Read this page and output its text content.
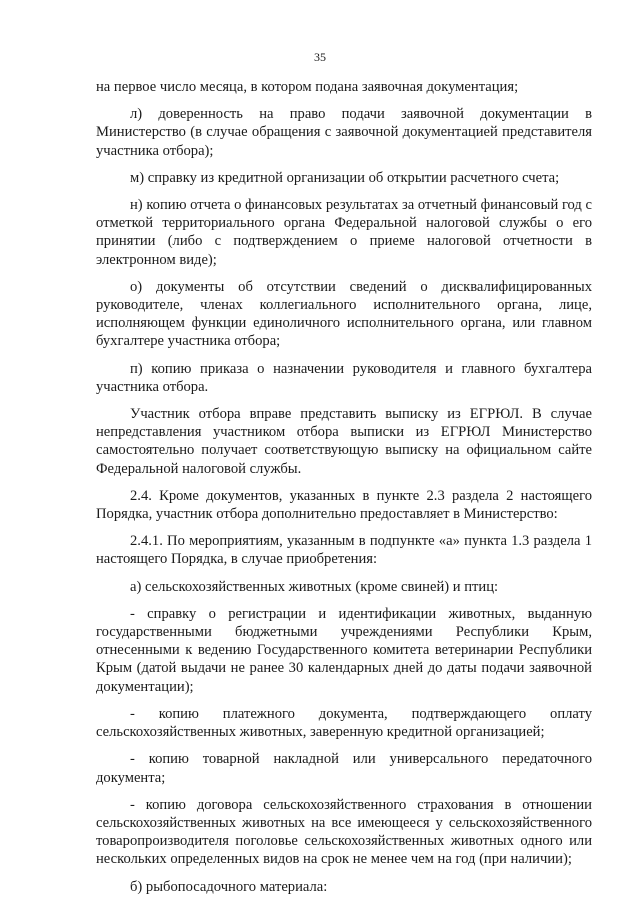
35

на первое число месяца, в котором подана заявочная документация;

л) доверенность на право подачи заявочной документации в Министерство (в случае обращения с заявочной документацией представителя участника отбора);

м) справку из кредитной организации об открытии расчетного счета;

н) копию отчета о финансовых результатах за отчетный финансовый год с отметкой территориального органа Федеральной налоговой службы о его принятии (либо с подтверждением о приеме налоговой отчетности в электронном виде);

о) документы об отсутствии сведений о дисквалифицированных руководителе, членах коллегиального исполнительного органа, лице, исполняющем функции единоличного исполнительного органа, или главном бухгалтере участника отбора;

п) копию приказа о назначении руководителя и главного бухгалтера участника отбора.

Участник отбора вправе представить выписку из ЕГРЮЛ. В случае непредставления участником отбора выписки из ЕГРЮЛ Министерство самостоятельно получает соответствующую выписку на официальном сайте Федеральной налоговой службы.

2.4. Кроме документов, указанных в пункте 2.3 раздела 2 настоящего Порядка, участник отбора дополнительно предоставляет в Министерство:

2.4.1. По мероприятиям, указанным в подпункте «а» пункта 1.3 раздела 1 настоящего Порядка, в случае приобретения:

а) сельскохозяйственных животных (кроме свиней) и птиц:

- справку о регистрации и идентификации животных, выданную государственными бюджетными учреждениями Республики Крым, отнесенными к ведению Государственного комитета ветеринарии Республики Крым (датой выдачи не ранее 30 календарных дней до даты подачи заявочной документации);

- копию платежного документа, подтверждающего оплату сельскохозяйственных животных, заверенную кредитной организацией;

- копию товарной накладной или универсального передаточного документа;

- копию договора сельскохозяйственного страхования в отношении сельскохозяйственных животных на все имеющееся у сельскохозяйственного товаропроизводителя поголовье сельскохозяйственных животных одного или нескольких определенных видов на срок не менее чем на год (при наличии);

б) рыбопосадочного материала:
